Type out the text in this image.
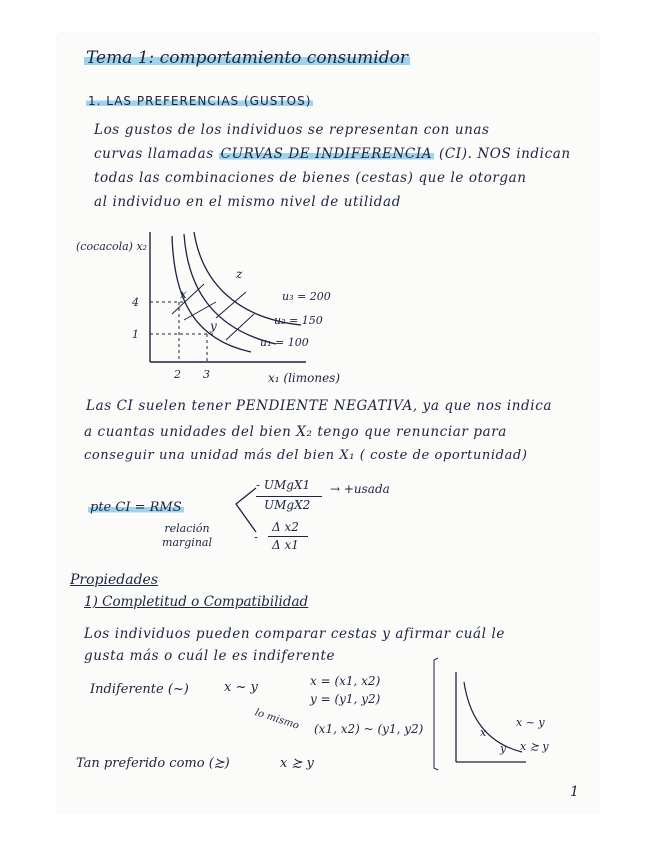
Tema 1: comportamiento consumidor
1. LAS PREFERENCIAS (GUSTOS)
Los gustos de los individuos se representan con unas
curvas llamadas CURVAS DE INDIFERENCIA (CI). NOS indican
todas las combinaciones de bienes (cestas) que le otorgan
al individuo en el mismo nivel de utilidad
(cocacola) x₂
x₁ (limones)
4
1
2 3
x
y
z
u₃ = 200
u₂ = 150
u₁ = 100
Las CI suelen tener PENDIENTE NEGATIVA, ya que nos indica
a cuantas unidades del bien X₂ tengo que renunciar para
conseguir una unidad más del bien X₁ ( coste de oportunidad)
pte CI = RMS
relación marginal
- UMgX1
UMgX2
→ +usada
-
Δ x2
Δ x1
Propiedades
1) Completitud o Compatibilidad
Los individuos pueden comparar cestas y afirmar cuál le
gusta más o cuál le es indiferente
Indiferente (~)	x ~ y	x = (x1, x2)
y = (y1, y2)
lo mismo (x1, x2) ~ (y1, y2)
Tan preferido como (≿)	x ≿ y
x
y
x ~ y
x ≿ y
1
